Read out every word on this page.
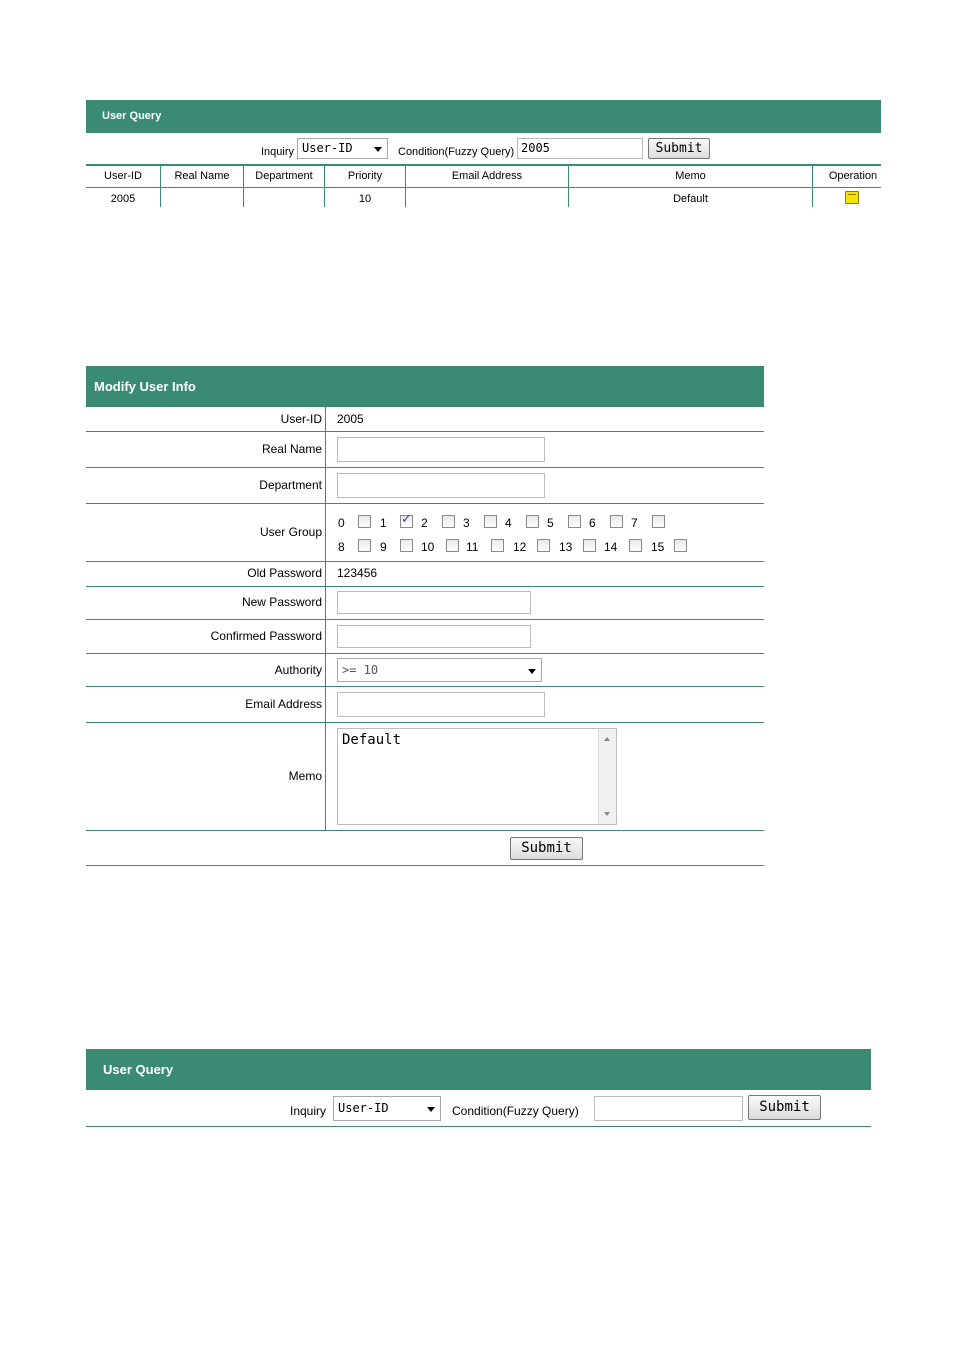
User Query
Inquiry User-ID	Condition(Fuzzy Query) 2005	Submit
User-ID	Real Name	Department	Priority	Email Address	Memo	Operation
2005	10	Default
Modify User Info
User-ID
Real Name
Department
User Group
Old Password
New Password
Confirmed Password
Authority
Email Address
Memo
2005
0	1
✓	2	3	4	5	6	7
8	9	10	11	12	13	14	15
123456
>= 10
Default
Submit
User Query
Inquiry User-ID	Condition(Fuzzy Query)	Submit
